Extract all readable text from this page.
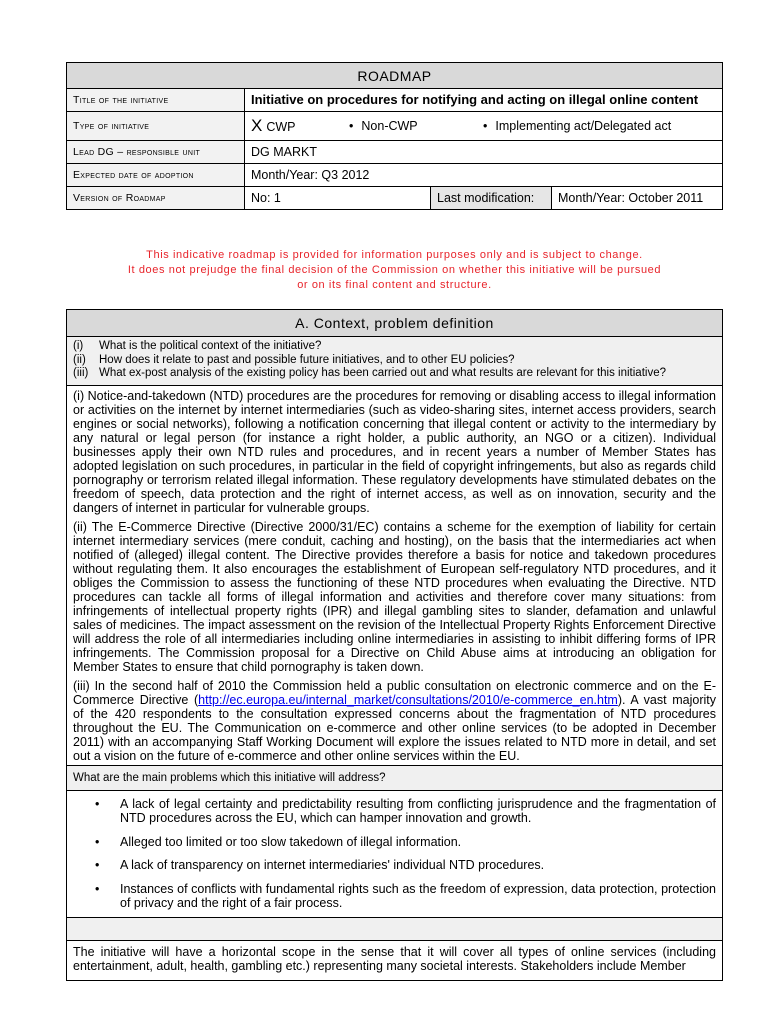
ROADMAP			
Title of the initiative	Initiative on procedures for notifying and acting on illegal online content		
Type of initiative	X CWP • Non-CWP • Implementing act/Delegated act		

Lead DG – responsible unit	DG MARKT		
Expected date of adoption	Month/Year: Q3 2012		
Version of Roadmap	No: 1	Last modification:	Month/Year: October 2011
This indicative roadmap is provided for information purposes only and is subject to change.
It does not prejudge the final decision of the Commission on whether this initiative will be pursued
or on its final content and structure.
A. Context, problem definition

(i)	What is the political context of the initiative?
(ii)	How does it relate to past and possible future initiatives, and to other EU policies?
(iii) What ex-post analysis of the existing policy has been carried out and what results are relevant for this initiative?

(i) Notice-and-takedown (NTD) procedures are the procedures for removing or disabling access to illegal information or activities on the internet by internet intermediaries (such as video-sharing sites, internet access providers, search engines or social networks), following a notification concerning that illegal content or activity to the intermediary by any natural or legal person (for instance a right holder, a public authority, an NGO or a citizen). Individual businesses apply their own NTD rules and procedures, and in recent years a number of Member States has adopted legislation on such procedures, in particular in the field of copyright infringements, but also as regards child pornography or terrorism related illegal information. These regulatory developments have stimulated debates on the freedom of speech, data protection and the right of internet access, as well as on innovation, security and the dangers of internet in particular for vulnerable groups.

(ii) The E-Commerce Directive (Directive 2000/31/EC) contains a scheme for the exemption of liability for certain internet intermediary services (mere conduit, caching and hosting), on the basis that the intermediaries act when notified of (alleged) illegal content. The Directive provides therefore a basis for notice and takedown procedures without regulating them. It also encourages the establishment of European self-regulatory NTD procedures, and it obliges the Commission to assess the functioning of these NTD procedures when evaluating the Directive. NTD procedures can tackle all forms of illegal information and activities and therefore cover many situations: from infringements of intellectual property rights (IPR) and illegal gambling sites to slander, defamation and unlawful sales of medicines. The impact assessment on the revision of the Intellectual Property Rights Enforcement Directive will address the role of all intermediaries including online intermediaries in assisting to inhibit differing forms of IPR infringements. The Commission proposal for a Directive on Child Abuse aims at introducing an obligation for Member States to ensure that child pornography is taken down.

(iii) In the second half of 2010 the Commission held a public consultation on electronic commerce and on the E-Commerce Directive (http://ec.europa.eu/internal_market/consultations/2010/e-commerce_en.htm). A vast majority of the 420 respondents to the consultation expressed concerns about the fragmentation of NTD procedures throughout the EU. The Communication on e-commerce and other online services (to be adopted in December 2011) with an accompanying Staff Working Document will explore the issues related to NTD more in detail, and set out a vision on the future of e-commerce and other online services within the EU.

What are the main problems which this initiative will address?

•	A lack of legal certainty and predictability resulting from conflicting jurisprudence and the fragmentation of NTD procedures across the EU, which can hamper innovation and growth.
•	Alleged too limited or too slow takedown of illegal information.
•	A lack of transparency on internet intermediaries' individual NTD procedures.
•	Instances of conflicts with fundamental rights such as the freedom of expression, data protection, protection of privacy and the right of a fair process.

The initiative will have a horizontal scope in the sense that it will cover all types of online services (including entertainment, adult, health, gambling etc.) representing many societal interests. Stakeholders include Member
